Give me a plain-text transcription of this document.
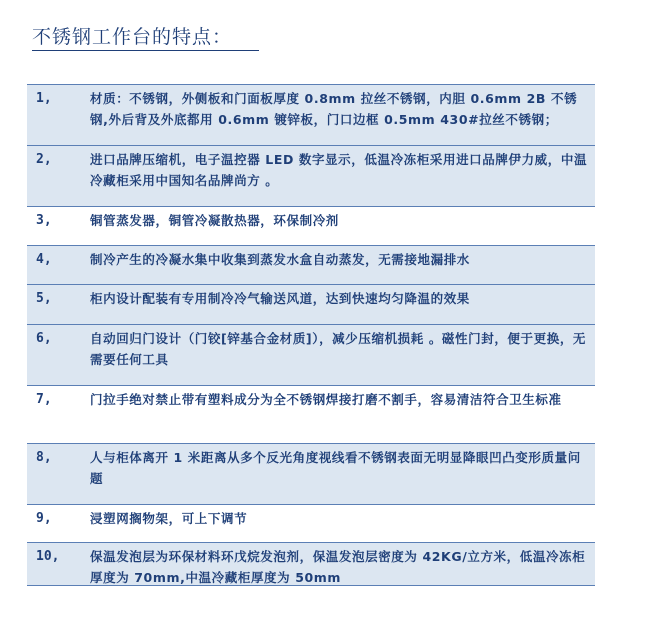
不锈钢工作台的特点：
1,	材质：不锈钢，外侧板和门面板厚度 0.8mm 拉丝不锈钢，内胆 0.6mm 2B 不锈钢,外后背及外底都用 0.6mm 镀锌板，门口边框 0.5mm 430#拉丝不锈钢；
2,	进口品牌压缩机，电子温控器 LED 数字显示，低温冷冻柜采用进口品牌伊力威，中温冷藏柜采用中国知名品牌尚方 。
3,	铜管蒸发器，铜管冷凝散热器，环保制冷剂
4,	制冷产生的冷凝水集中收集到蒸发水盒自动蒸发，无需接地漏排水
5,	柜内设计配装有专用制冷冷气输送风道，达到快速均匀降温的效果
6,	自动回归门设计（门铰[锌基合金材质]），减少压缩机损耗 。磁性门封，便于更换，无需要任何工具
7,	门拉手绝对禁止带有塑料成分为全不锈钢焊接打磨不割手，容易清洁符合卫生标准
8,	人与柜体离开 1 米距离从多个反光角度视线看不锈钢表面无明显降眼凹凸变形质量问题
9,	浸塑网搁物架，可上下调节
10, 保温发泡层为环保材料环戊烷发泡剂，保温发泡层密度为 42KG/立方米，低温冷冻柜厚度为 70mm,中温冷藏柜厚度为 50mm
